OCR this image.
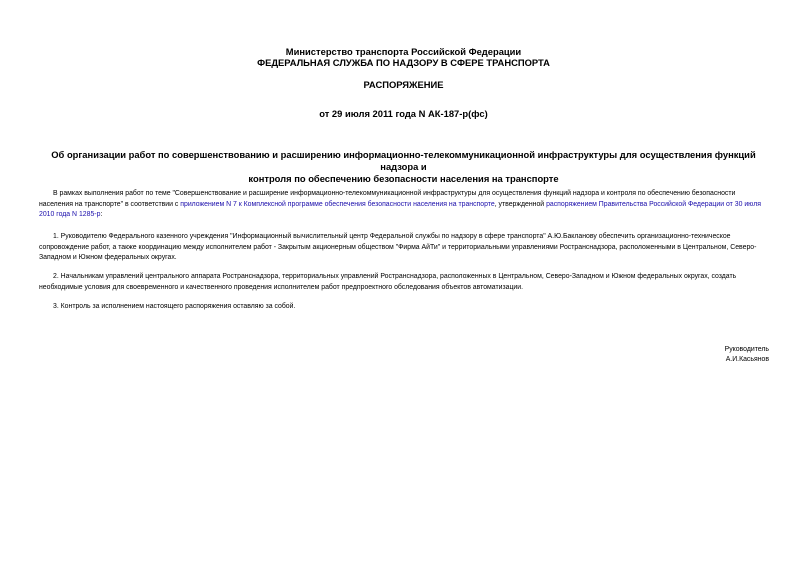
Министерство транспорта Российской Федерации
ФЕДЕРАЛЬНАЯ СЛУЖБА ПО НАДЗОРУ В СФЕРЕ ТРАНСПОРТА
РАСПОРЯЖЕНИЕ
от 29 июля 2011 года N АК-187-р(фс)
Об организации работ по совершенствованию и расширению информационно-телекоммуникационной инфраструктуры для осуществления функций надзора и
контроля по обеспечению безопасности населения на транспорте
В рамках выполнения работ по теме "Совершенствование и расширение информационно-телекоммуникационной инфраструктуры для осуществления функций надзора и контроля по обеспечению безопасности населения на транспорте" в соответствии с приложением N 7 к Комплексной программе обеспечения безопасности населения на транспорте, утвержденной распоряжением Правительства Российской Федерации от 30 июля 2010 года N 1285-р:
1. Руководителю Федерального казенного учреждения "Информационный вычислительный центр Федеральной службы по надзору в сфере транспорта" А.Ю.Бакланову обеспечить организационно-техническое сопровождение работ, а также координацию между исполнителем работ - Закрытым акционерным обществом "Фирма АйТи" и территориальными управлениями Ространснадзора, расположенными в Центральном, Северо-Западном и Южном федеральных округах.
2. Начальникам управлений центрального аппарата Ространснадзора, территориальных управлений Ространснадзора, расположенных в Центральном, Северо-Западном и Южном федеральных округах, создать необходимые условия для своевременного и качественного проведения исполнителем работ предпроектного обследования объектов автоматизации.
3. Контроль за исполнением настоящего распоряжения оставляю за собой.
Руководитель
А.И.Касьянов
